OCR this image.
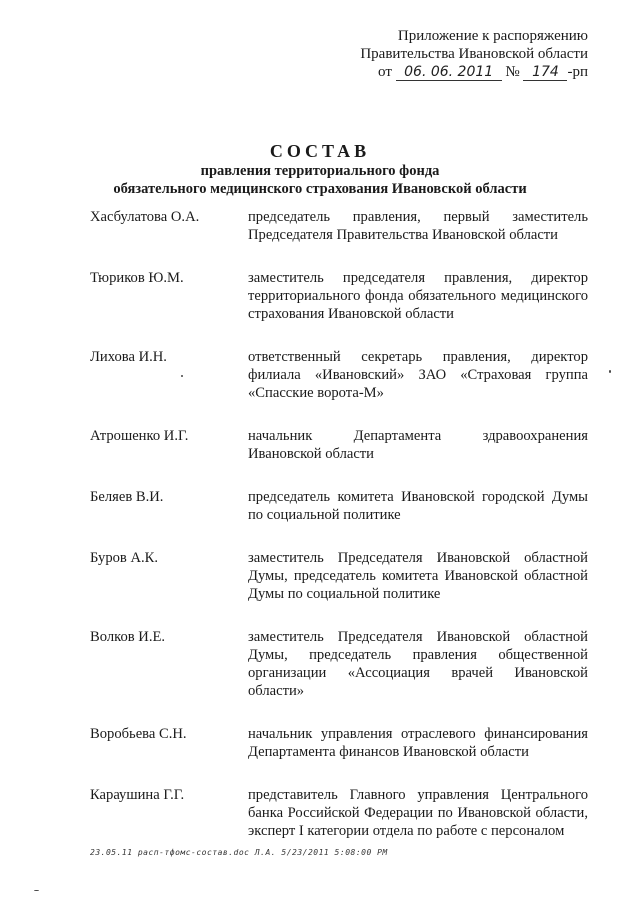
Приложение к распоряжению
Правительства Ивановской области
от 06. 06. 2011 № 174 -рп
СОСТАВ
правления территориального фонда
обязательного медицинского страхования Ивановской области
Хасбулатова О.А.	председатель правления, первый заместитель Председателя Правительства Ивановской области
Тюриков Ю.М.	заместитель председателя правления, директор территориального фонда обязательного медицинского страхования Ивановской области
Лихова И.Н.	ответственный секретарь правления, директор филиала «Ивановский» ЗАО «Страховая группа «Спасские ворота-М»
Атрошенко И.Г.	начальник Департамента здравоохранения Ивановской области
Беляев В.И.	председатель комитета Ивановской городской Думы по социальной политике
Буров А.К.	заместитель Председателя Ивановской областной Думы, председатель комитета Ивановской областной Думы по социальной политике
Волков И.Е.	заместитель Председателя Ивановской областной Думы, председатель правления общественной организации «Ассоциация врачей Ивановской области»
Воробьева С.Н.	начальник управления отраслевого финансирования Департамента финансов Ивановской области
Караушина Г.Г.	представитель Главного управления Центрального банка Российской Федерации по Ивановской области, эксперт I категории отдела по работе с персоналом
23.05.11 расп-тфомс-состав.doc Л.А. 5/23/2011 5:08:00 PM
